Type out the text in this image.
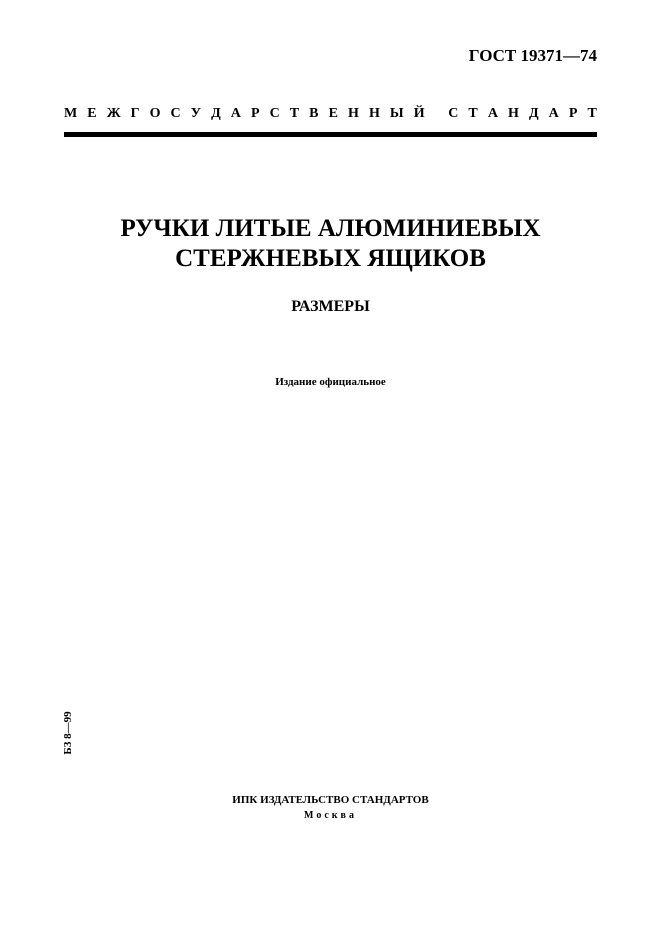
ГОСТ 19371—74
М Е Ж Г О С У Д А Р С Т В Е Н Н Ы Й
С Т А Н Д А Р Т
РУЧКИ ЛИТЫЕ АЛЮМИНИЕВЫХ
СТЕРЖНЕВЫХ ЯЩИКОВ
РАЗМЕРЫ
Издание официальное
БЗ 8—99
ИПК ИЗДАТЕЛЬСТВО СТАНДАРТОВ
Москва
